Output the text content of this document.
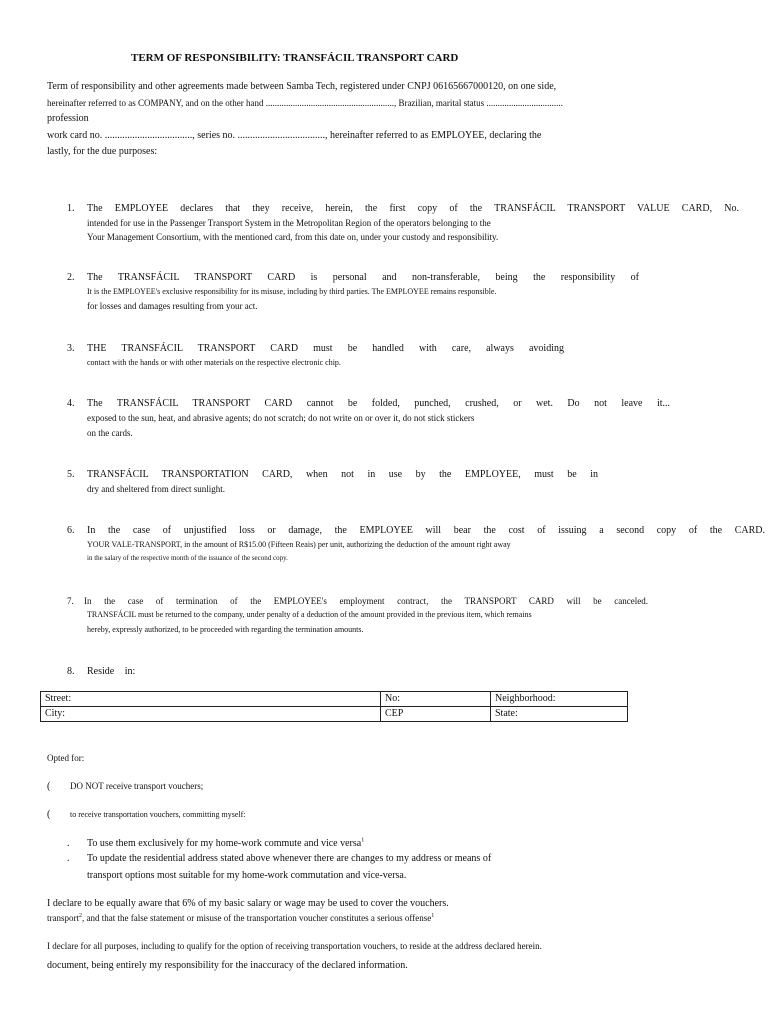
TERM OF RESPONSIBILITY: TRANSFÁCIL TRANSPORT CARD
Term of responsibility and other agreements made between Samba Tech, registered under CNPJ 06165667000120, on one side,
hereinafter referred to as COMPANY, and on the other hand ........................................................., Brazilian, marital status ..................................
profession
work card no. ..................................., series no. ..................................., hereinafter referred to as EMPLOYEE, declaring the
lastly, for the due purposes:
1. The EMPLOYEE declares that they receive, herein, the first copy of the TRANSFÁCIL TRANSPORT VALUE CARD, No.
intended for use in the Passenger Transport System in the Metropolitan Region of the operators belonging to the
Your Management Consortium, with the mentioned card, from this date on, under your custody and responsibility.
2. The TRANSFÁCIL TRANSPORT CARD is personal and non-transferable, being the responsibility of
It is the EMPLOYEE's exclusive responsibility for its misuse, including by third parties. The EMPLOYEE remains responsible.
for losses and damages resulting from your act.
3. THE TRANSFÁCIL TRANSPORT CARD must be handled with care, always avoiding
contact with the hands or with other materials on the respective electronic chip.
4. The TRANSFÁCIL TRANSPORT CARD cannot be folded, punched, crushed, or wet. Do not leave it...
exposed to the sun, heat, and abrasive agents; do not scratch; do not write on or over it, do not stick stickers
on the cards.
5. TRANSFÁCIL TRANSPORTATION CARD, when not in use by the EMPLOYEE, must be in
dry and sheltered from direct sunlight.
6. In the case of unjustified loss or damage, the EMPLOYEE will bear the cost of issuing a second copy of the CARD.
YOUR VALE-TRANSPORT, in the amount of R$15.00 (Fifteen Reais) per unit, authorizing the deduction of the amount right away
in the salary of the respective month of the issuance of the second copy.
7. In the case of termination of the EMPLOYEE's employment contract, the TRANSPORT CARD will be canceled.
TRANSFÁCIL must be returned to the company, under penalty of a deduction of the amount provided in the previous item, which remains
hereby, expressly authorized, to be proceeded with regarding the termination amounts.
8. Reside in:
Street:	No:	Neighborhood:
City:	CEP	State:
Opted for:
( DO NOT receive transport vouchers;
( to receive transportation vouchers, committing myself:
. To use them exclusively for my home-work commute and vice versa$^1$
. To update the residential address stated above whenever there are changes to my address or means of
transport options most suitable for my home-work commutation and vice-versa.
I declare to be equally aware that 6% of my basic salary or wage may be used to cover the vouchers.
transport$^2$, and that the false statement or misuse of the transportation voucher constitutes a serious offense$^1$
I declare for all purposes, including to qualify for the option of receiving transportation vouchers, to reside at the address declared herein.
document, being entirely my responsibility for the inaccuracy of the declared information.
